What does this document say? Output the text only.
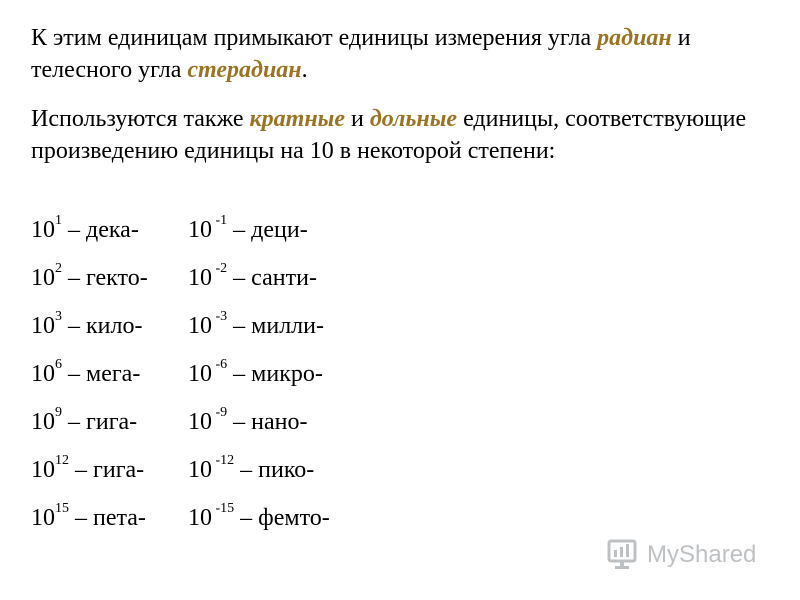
К этим единицам примыкают единицы измерения угла радиан и телесного угла стерадиан.

Используются также кратные и дольные единицы, соответствующие произведению единицы на 10 в некоторой степени:

$10^1$ – дека- 10 $^{-1}$ – деци-
$10^2$ – гекто- 10 $^{-2}$ – санти-
$10^3$ – кило- 10 $^{-3}$ – милли-
$10^6$ – мега- 10 $^{-6}$ – микро-
$10^9$ – гига- 10 $^{-9}$ – нано-
$10^{12}$ – гига- 10 $^{-12}$ – пико-
$10^{15}$ – пета- 10 $^{-15}$ – фемто-
MyShared
